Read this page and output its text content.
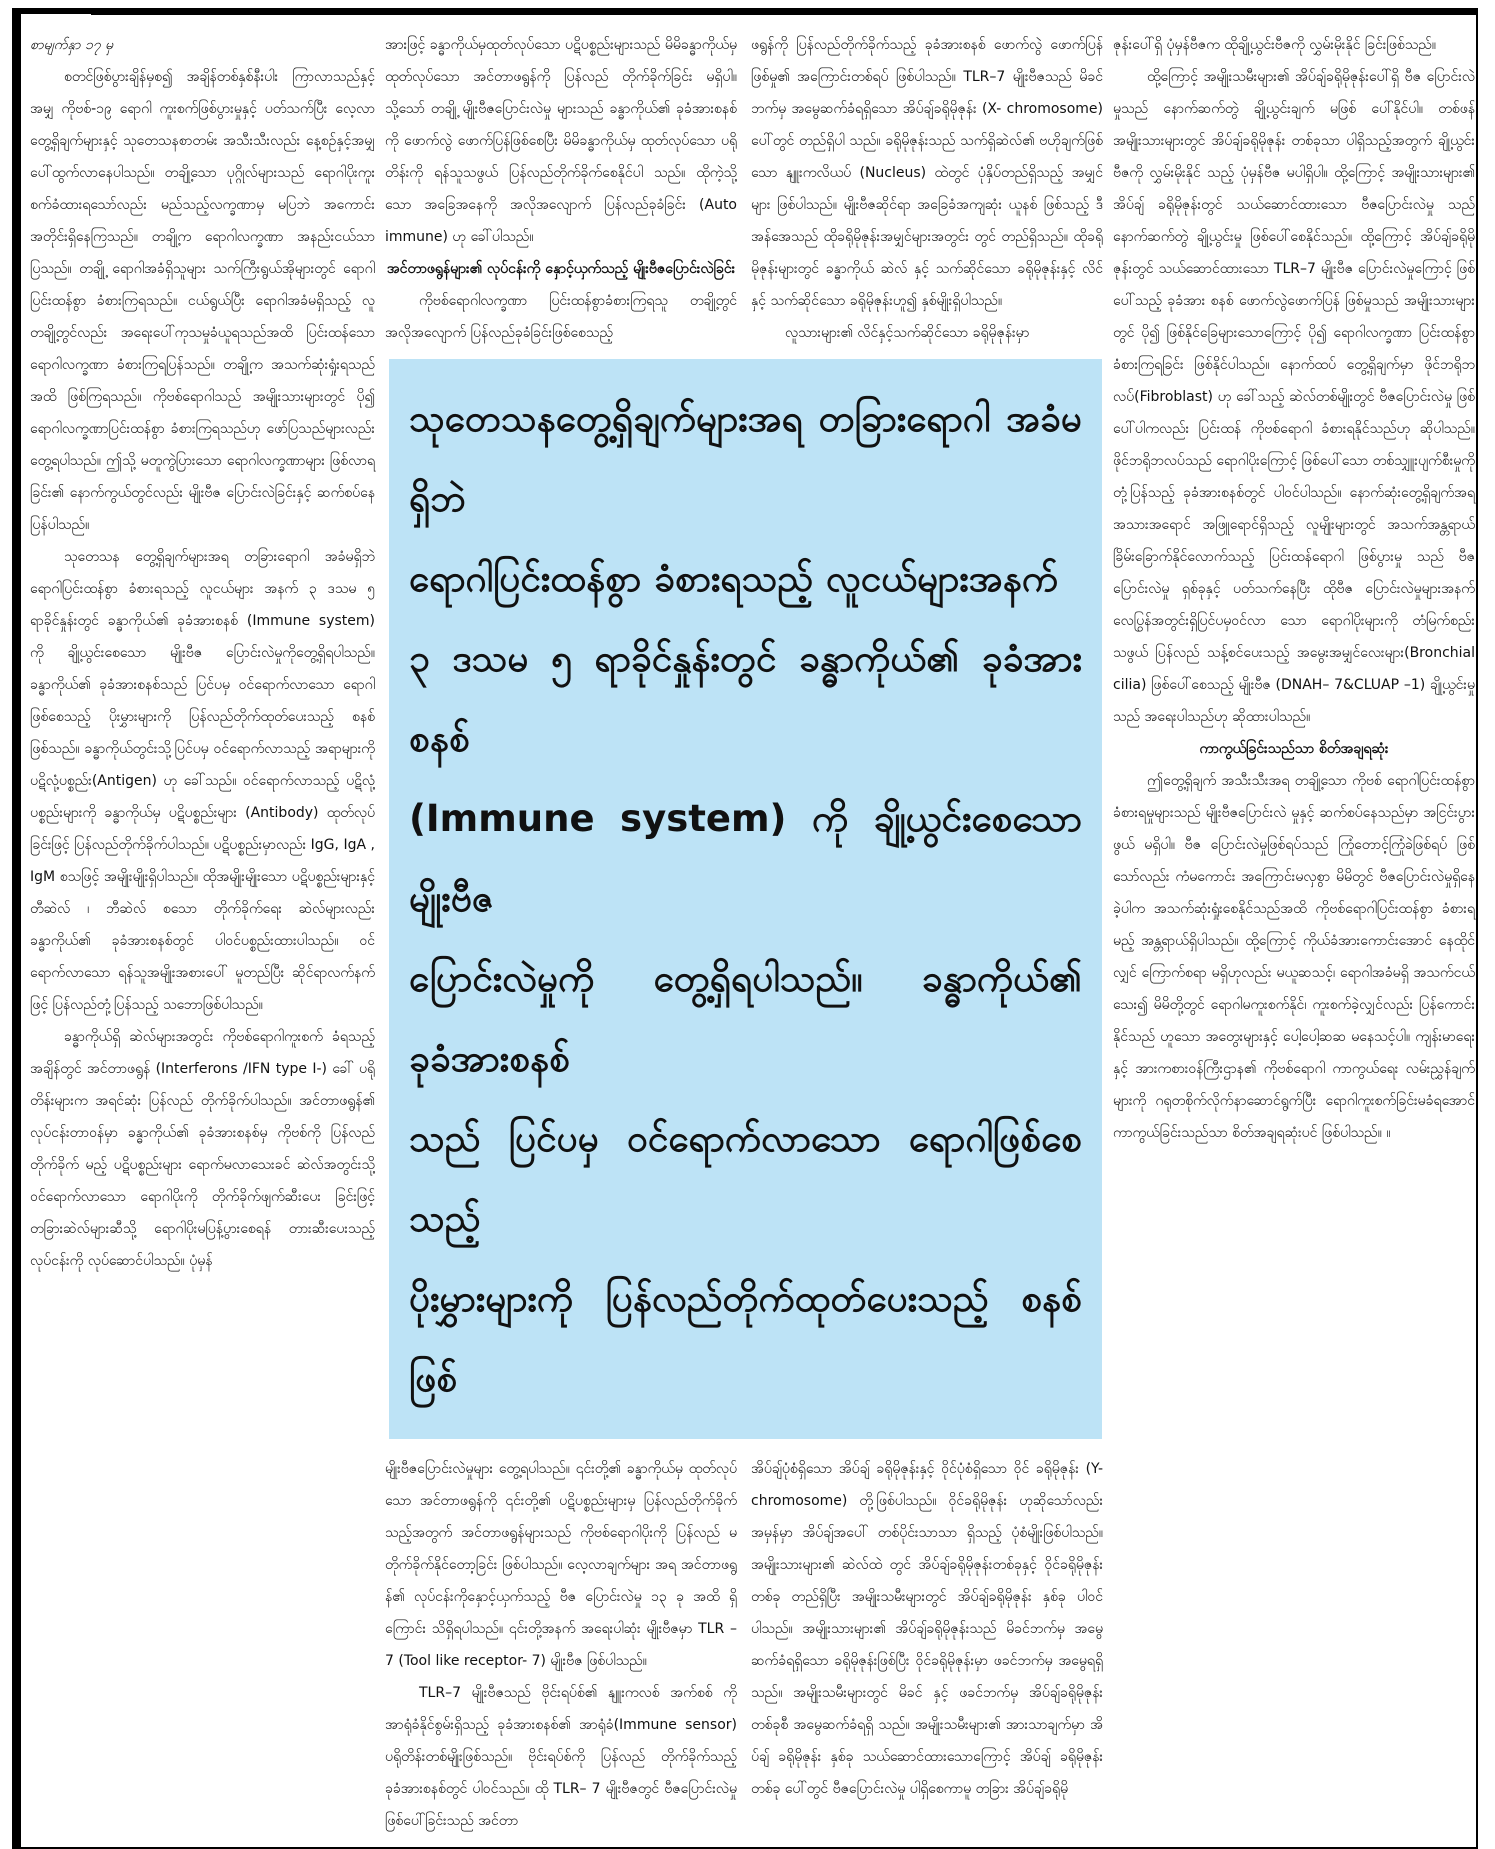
စာမျက်နှာ ၁၇ မှ

စတင်ဖြစ်ပွားချိန်မှစ၍ အချိန်တစ်နှစ်နီးပါး ကြာလာသည်နှင့်အမျှ ကိုဗစ်-၁၉ ရောဂါ ကူးစက်ဖြစ်ပွားမှုနှင့် ပတ်သက်ပြီး လေ့လာတွေ့ရှိချက်များနှင့် သုတေသနစာတမ်း အသီးသီးလည်း နေ့စဉ်နှင့်အမျှ ပေါ်ထွက်လာနေပါသည်။ တချို့သော ပုဂ္ဂိုလ်များသည် ရောဂါပိုးကူးစက်ခံထားရသော်လည်း မည်သည့်လက္ခဏာမှ မပြဘဲ အကောင်းအတိုင်းရှိနေကြသည်။ တချို့က ရောဂါလက္ခဏာ အနည်းငယ်သာပြသည်။ တချို့ ရောဂါအခံရှိသူများ သက်ကြီးရွယ်အိုများတွင် ရောဂါပြင်းထန်စွာ ခံစားကြရသည်။ ငယ်ရွယ်ပြီး ရောဂါအခံမရှိသည့် လူတချို့တွင်လည်း အရေးပေါ်ကုသမှုခံယူရသည်အထိ ပြင်းထန်သော ရောဂါလက္ခဏာ ခံစားကြရပြန်သည်။ တချို့က အသက်ဆုံးရှုံးရသည်အထိ ဖြစ်ကြရသည်။ ကိုဗစ်ရောဂါသည် အမျိုးသားများတွင် ပို၍ ရောဂါလက္ခဏာပြင်းထန်စွာ ခံစားကြရသည်ဟု ဖော်ပြသည်များလည်း တွေ့ရပါသည်။ ဤသို့ မတူကွဲပြားသော ရောဂါလက္ခဏာများ ဖြစ်လာရခြင်း၏ နောက်ကွယ်တွင်လည်း မျိုးဗီဇ ပြောင်းလဲခြင်းနှင့် ဆက်စပ်နေပြန်ပါသည်။

သုတေသန တွေ့ရှိချက်များအရ တခြားရောဂါ အခံမရှိဘဲ ရောဂါပြင်းထန်စွာ ခံစားရသည့် လူငယ်များ အနက် ၃ ဒသမ ၅ ရာခိုင်နှုန်းတွင် ခန္ဓာကိုယ်၏ ခုခံအားစနစ် (Immune system) ကို ချို့ယွင်းစေသော မျိုးဗီဇ ပြောင်းလဲမှုကိုတွေ့ရှိရပါသည်။ ခန္ဓာကိုယ်၏ ခုခံအားစနစ်သည် ပြင်ပမှ ဝင်ရောက်လာသော ရောဂါဖြစ်စေသည့် ပိုးမွှားများကို ပြန်လည်တိုက်ထုတ်ပေးသည့် စနစ်ဖြစ်သည်။ ခန္ဓာကိုယ်တွင်းသို့ပြင်ပမှ ဝင်ရောက်လာသည့် အရာများကို ပဋိလုံ့ပစ္စည်း(Antigen) ဟု ခေါ်သည်။ ဝင်ရောက်လာသည့် ပဋိလုံ့ပစ္စည်းများကို ခန္ဓာကိုယ်မှ ပဋိပစ္စည်းများ (Antibody) ထုတ်လုပ်ခြင်းဖြင့် ပြန်လည်တိုက်ခိုက်ပါသည်။ ပဋိပစ္စည်းမှာလည်း IgG, IgA , IgM စသဖြင့် အမျိုးမျိုးရှိပါသည်။ ထိုအမျိုးမျိုးသော ပဋိပစ္စည်းများနှင့် တီဆဲလ် ၊ ဘီဆဲလ် စသော တိုက်ခိုက်ရေး ဆဲလ်များလည်း ခန္ဓာကိုယ်၏ ခုခံအားစနစ်တွင် ပါဝင်ပစ္စည်းထားပါသည်။ ဝင်ရောက်လာသော ရန်သူအမျိုးအစားပေါ် မူတည်ပြီး ဆိုင်ရာလက်နက်ဖြင့် ပြန်လည်တုံ့ပြန်သည့် သဘောဖြစ်ပါသည်။

ခန္ဓာကိုယ်ရှိ ဆဲလ်များအတွင်း ကိုဗစ်ရောဂါကူးစက် ခံရသည့်အချိန်တွင် အင်တာဖရွန် (Interferons /IFN type I-) ခေါ် ပရိုတိန်းများက အရင်ဆုံး ပြန်လည် တိုက်ခိုက်ပါသည်။ အင်တာဖရွန်၏ လုပ်ငန်းတာဝန်မှာ ခန္ဓာကိုယ်၏ ခုခံအားစနစ်မှ ကိုဗစ်ကို ပြန်လည်တိုက်ခိုက် မည့် ပဋိပစ္စည်းများ ရောက်မလာသေးခင် ဆဲလ်အတွင်းသို့ ဝင်ရောက်လာသော ရောဂါပိုးကို တိုက်ခိုက်ဖျက်ဆီးပေး ခြင်းဖြင့် တခြားဆဲလ်များဆီသို့ ရောဂါပိုးမပြန့်ပွားစေရန် တားဆီးပေးသည့် လုပ်ငန်းကို လုပ်ဆောင်ပါသည်။ ပုံမှန်

အားဖြင့် ခန္ဓာကိုယ်မှထုတ်လုပ်သော ပဋိပစ္စည်းများသည် မိမိခန္ဓာကိုယ်မှ ထုတ်လုပ်သော အင်တာဖရွန်ကို ပြန်လည် တိုက်ခိုက်ခြင်း မရှိပါ။ သို့သော် တချို့ မျိုးဗီဇပြောင်းလဲမှု များသည် ခန္ဓာကိုယ်၏ ခုခံအားစနစ်ကို ဖောက်လွဲ ဖောက်ပြန်ဖြစ်စေပြီး မိမိခန္ဓာကိုယ်မှ ထုတ်လုပ်သော ပရိုတိန်းကို ရန်သူသဖွယ် ပြန်လည်တိုက်ခိုက်စေနိုင်ပါ သည်။ ထိုကဲ့သို့သော အခြေအနေကို အလိုအလျောက် ပြန်လည်ခုခံခြင်း (Auto immune) ဟု ခေါ်ပါသည်။

အင်တာဖရွန်များ၏ လုပ်ငန်းကို နှောင့်ယှက်သည့် မျိုးဗီဇပြောင်းလဲခြင်း

ကိုဗစ်ရောဂါလက္ခဏာ ပြင်းထန်စွာခံစားကြရသူ တချို့တွင် အလိုအလျောက် ပြန်လည်ခုခံခြင်းဖြစ်စေသည့်

ဖရွန်ကို ပြန်လည်တိုက်ခိုက်သည့် ခုခံအားစနစ် ဖောက်လွဲ ဖောက်ပြန်ဖြစ်မှု၏ အကြောင်းတစ်ရပ် ဖြစ်ပါသည်။ TLR–7 မျိုးဗီဇသည် မိခင်ဘက်မှ အမွေဆက်ခံရရှိသော အိပ်ချ်ခရိုမိုဇုန်း (X- chromosome) ပေါ်တွင် တည်ရှိပါ သည်။ ခရိုမိုဇုန်းသည် သက်ရှိဆဲလ်၏ ဗဟိုချက်ဖြစ်သော နျူးကလိယပ် (Nucleus) ထဲတွင် ပုံနှိပ်တည်ရှိသည့် အမျှင် များ ဖြစ်ပါသည်။ မျိုးဗီဇဆိုင်ရာ အခြေခံအကျဆုံး ယူနစ် ဖြစ်သည့် ဒီအန်အေသည် ထိုခရိုမိုဇုန်းအမျှင်များအတွင်း တွင် တည်ရှိသည်။ ထိုခရိုမိုဇုန်းများတွင် ခန္ဓာကိုယ် ဆဲလ် နှင့် သက်ဆိုင်သော ခရိုမိုဇုန်းနှင့် လိင်နှင့် သက်ဆိုင်သော ခရိုမိုဇုန်းဟူ၍ နှစ်မျိုးရှိပါသည်။

လူသားများ၏ လိင်နှင့်သက်ဆိုင်သော ခရိုမိုဇုန်းမှာ

သုတေသနတွေ့ရှိချက်များအရ တခြားရောဂါ အခံမရှိဘဲ

ရောဂါပြင်းထန်စွာ ခံစားရသည့် လူငယ်များအနက်

၃ ဒသမ ၅ ရာခိုင်နှုန်းတွင် ခန္ဓာကိုယ်၏ ခုခံအားစနစ်

(Immune system) ကို ချို့ယွင်းစေသော မျိုးဗီဇ

ပြောင်းလဲမှုကို တွေ့ရှိရပါသည်။ ခန္ဓာကိုယ်၏ ခုခံအားစနစ်

သည် ပြင်ပမှ ဝင်ရောက်လာသော ရောဂါဖြစ်စေသည့်

ပိုးမွှားများကို ပြန်လည်တိုက်ထုတ်ပေးသည့် စနစ်ဖြစ်

မျိုးဗီဇပြောင်းလဲမှုများ တွေ့ရပါသည်။ ၎င်းတို့၏ ခန္ဓာကိုယ်မှ ထုတ်လုပ်သော အင်တာဖရွန်ကို ၎င်းတို့၏ ပဋိပစ္စည်းများမှ ပြန်လည်တိုက်ခိုက်သည့်အတွက် အင်တာဖရွန်များသည် ကိုဗစ်ရောဂါပိုးကို ပြန်လည် မတိုက်ခိုက်နိုင်တော့ခြင်း ဖြစ်ပါသည်။ လေ့လာချက်များ အရ အင်တာဖရွန်၏ လုပ်ငန်းကိုနှောင့်ယှက်သည့် ဗီဇ ပြောင်းလဲမှု ၁၃ ခု အထိ ရှိကြောင်း သိရှိရပါသည်။ ၎င်းတို့အနက် အရေးပါဆုံး မျိုးဗီဇမှာ TLR – 7 (Tool like receptor- 7) မျိုးဗီဇ ဖြစ်ပါသည်။

TLR–7 မျိုးဗီဇသည် ဗိုင်းရပ်စ်၏ နျူးကလစ် အက်စစ် ကို အာရုံခံနိုင်စွမ်းရှိသည့် ခုခံအားစနစ်၏ အာရုံခံ(Immune sensor) ပရိုတိန်းတစ်မျိုးဖြစ်သည်။ ဗိုင်းရပ်စ်ကို ပြန်လည် တိုက်ခိုက်သည့် ခုခံအားစနစ်တွင် ပါဝင်သည်။ ထို TLR– 7 မျိုးဗီဇတွင် ဗီဇပြောင်းလဲမှု ဖြစ်ပေါ်ခြင်းသည် အင်တာ

အိပ်ချ်ပုံစံရှိသော အိပ်ချ် ခရိုမိုဇုန်းနှင့် ဝိုင်ပုံစံရှိသော ဝိုင် ခရိုမိုဇုန်း (Y- chromosome) တို့ဖြစ်ပါသည်။ ဝိုင်ခရိုမိုဇုန်း ဟုဆိုသော်လည်း အမှန်မှာ အိပ်ချ်အပေါ် တစ်ပိုင်းသာသာ ရှိသည့် ပုံစံမျိုးဖြစ်ပါသည်။ အမျိုးသားများ၏ ဆဲလ်ထဲ တွင် အိပ်ချ်ခရိုမိုဇုန်းတစ်ခုနှင့် ဝိုင်ခရိုမိုဇုန်းတစ်ခု တည်ရှိပြီး အမျိုးသမီးများတွင် အိပ်ချ်ခရိုမိုဇုန်း နှစ်ခု ပါဝင်ပါသည်။ အမျိုးသားများ၏ အိပ်ချ်ခရိုမိုဇုန်းသည် မိခင်ဘက်မှ အမွေဆက်ခံရရှိသော ခရိုမိုဇုန်းဖြစ်ပြီး ဝိုင်ခရိုမိုဇုန်းမှာ ဖခင်ဘက်မှ အမွေရရှိသည်။ အမျိုးသမီးများတွင် မိခင် နှင့် ဖခင်ဘက်မှ အိပ်ချ်ခရိုမိုဇုန်း တစ်ခုစီ အမွေဆက်ခံရရှိ သည်။ အမျိုးသမီးများ၏ အားသာချက်မှာ အိပ်ချ် ခရိုမိုဇုန်း နှစ်ခု သယ်ဆောင်ထားသောကြောင့် အိပ်ချ် ခရိုမိုဇုန်း တစ်ခု ပေါ်တွင် ဗီဇပြောင်းလဲမှု ပါရှိစေကာမူ တခြား အိပ်ချ်ခရိုမို

ဇုန်းပေါ်ရှိ ပုံမှန်ဗီဇက ထိုချို့ယွင်းဗီဇကို လွှမ်းမိုးနိုင် ခြင်းဖြစ်သည်။

ထို့ကြောင့် အမျိုးသမီးများ၏ အိပ်ချ်ခရိုမိုဇုန်းပေါ်ရှိ ဗီဇ ပြောင်းလဲမှုသည် နောက်ဆက်တွဲ ချို့ယွင်းချက် မဖြစ် ပေါ်နိုင်ပါ။ တစ်ဖန် အမျိုးသားများတွင် အိပ်ချ်ခရိုမိုဇုန်း တစ်ခုသာ ပါရှိသည့်အတွက် ချို့ယွင်းဗီဇကို လွှမ်းမိုးနိုင် သည့် ပုံမှန်ဗီဇ မပါရှိပါ။ ထို့ကြောင့် အမျိုးသားများ၏ အိပ်ချ် ခရိုမိုဇုန်းတွင် သယ်ဆောင်ထားသော ဗီဇပြောင်းလဲမှု သည် နောက်ဆက်တွဲ ချို့ယွင်းမှု ဖြစ်ပေါ်စေနိုင်သည်။ ထို့ကြောင့် အိပ်ချ်ခရိုမိုဇုန်းတွင် သယ်ဆောင်ထားသော TLR–7 မျိုးဗီဇ ပြောင်းလဲမှုကြောင့် ဖြစ်ပေါ်သည့် ခုခံအား စနစ် ဖောက်လွဲဖောက်ပြန် ဖြစ်မှုသည် အမျိုးသားများတွင် ပို၍ ဖြစ်နိုင်ခြေများသောကြောင့် ပို၍ ရောဂါလက္ခဏာ ပြင်းထန်စွာ ခံစားကြရခြင်း ဖြစ်နိုင်ပါသည်။ နောက်ထပ် တွေ့ရှိချက်မှာ ဖိုင်ဘရိုဘလပ်(Fibroblast) ဟု ခေါ်သည့် ဆဲလ်တစ်မျိုးတွင် ဗီဇပြောင်းလဲမှု ဖြစ်ပေါ်ပါကလည်း ပြင်းထန် ကိုဗစ်ရောဂါ ခံစားရနိုင်သည်ဟု ဆိုပါသည်။ ဖိုင်ဘရိုဘလပ်သည် ရောဂါပိုးကြောင့် ဖြစ်ပေါ်သော တစ်သျှူးပျက်စီးမှုကို တုံ့ပြန်သည့် ခုခံအားစနစ်တွင် ပါဝင်ပါသည်။ နောက်ဆုံးတွေ့ရှိချက်အရ အသားအရောင် အဖြူရောင်ရှိသည့် လူမျိုးများတွင် အသက်အန္တရာယ် ခြိမ်းခြောက်နိုင်လောက်သည့် ပြင်းထန်ရောဂါ ဖြစ်ပွားမှု သည် ဗီဇပြောင်းလဲမှု ရှစ်ခုနှင့် ပတ်သက်နေပြီး ထိုဗီဇ ပြောင်းလဲမှုများအနက် လေပြွန်အတွင်းရှိပြင်ပမှဝင်လာ သော ရောဂါပိုးများကို တံမြက်စည်းသဖွယ် ပြန်လည် သန့်စင်ပေးသည့် အမွေးအမျှင်လေးများ(Bronchial cilia) ဖြစ်ပေါ်စေသည့် မျိုးဗီဇ (DNAH– 7&CLUAP –1) ချို့ယွင်းမှု သည် အရေးပါသည်ဟု ဆိုထားပါသည်။

ကာကွယ်ခြင်းသည်သာ စိတ်အချရဆုံး

ဤတွေ့ရှိချက် အသီးသီးအရ တချို့သော ကိုဗစ် ရောဂါပြင်းထန်စွာ ခံစားရမှုများသည် မျိုးဗီဇပြောင်းလဲ မှုနှင့် ဆက်စပ်နေသည်မှာ အငြင်းပွားဖွယ် မရှိပါ။ ဗီဇ ပြောင်းလဲမှုဖြစ်ရပ်သည် ကြုံတောင့်ကြုံခဲဖြစ်ရပ် ဖြစ်သော်လည်း ကံမကောင်း အကြောင်းမလှစွာ မိမိတွင် ဗီဇပြောင်းလဲမှုရှိနေခဲ့ပါက အသက်ဆုံးရှုံးစေနိုင်သည်အထိ ကိုဗစ်ရောဂါပြင်းထန်စွာ ခံစားရမည့် အန္တရာယ်ရှိပါသည်။ ထို့ကြောင့် ကိုယ်ခံအားကောင်းအောင် နေထိုင်လျှင် ကြောက်စရာ မရှိဟုလည်း မယူဆသင့်၊ ရောဂါအခံမရှိ အသက်ငယ်သေး၍ မိမိတို့တွင် ရောဂါမကူးစက်နိုင်၊ ကူးစက်ခဲ့လျှင်လည်း ပြန်ကောင်းနိုင်သည် ဟူသော အတွေးများနှင့် ပေါ့ပေါ့ဆဆ မနေသင့်ပါ။ ကျန်းမာရေးနှင့် အားကစားဝန်ကြီးဌာန၏ ကိုဗစ်ရောဂါ ကာကွယ်ရေး လမ်းညွှန်ချက်များကို ဂရုတစိုက်လိုက်နာဆောင်ရွက်ပြီး ရောဂါကူးစက်ခြင်းမခံရအောင် ကာကွယ်ခြင်းသည်သာ စိတ်အချရဆုံးပင် ဖြစ်ပါသည်။ ။
